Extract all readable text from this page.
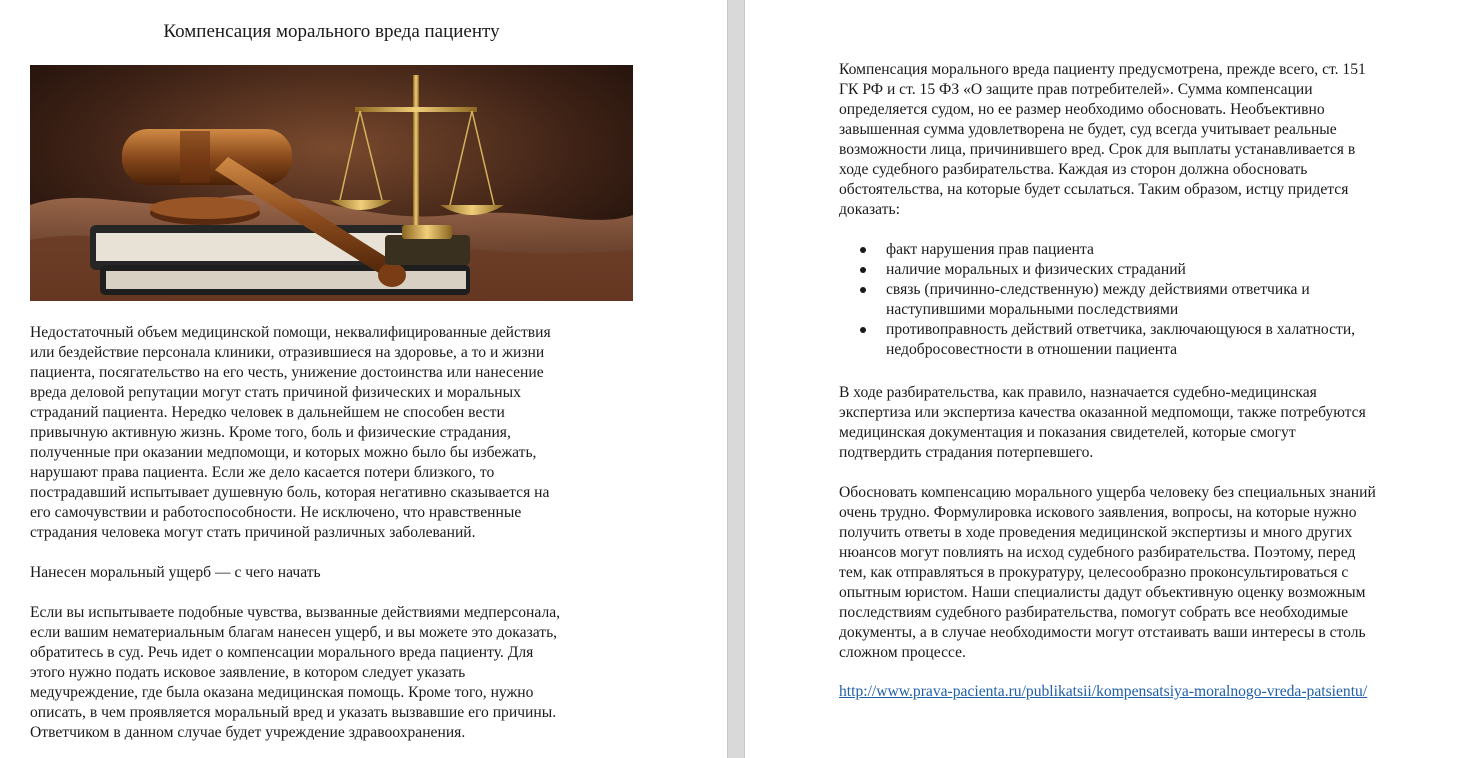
Компенсация морального вреда пациенту
Недостаточный объем медицинской помощи, неквалифицированные действия
или бездействие персонала клиники, отразившиеся на здоровье, а то и жизни
пациента, посягательство на его честь, унижение достоинства или нанесение
вреда деловой репутации могут стать причиной физических и моральных
страданий пациента. Нередко человек в дальнейшем не способен вести
привычную активную жизнь. Кроме того, боль и физические страдания,
полученные при оказании медпомощи, и которых можно было бы избежать,
нарушают права пациента. Если же дело касается потери близкого, то
пострадавший испытывает душевную боль, которая негативно сказывается на
его самочувствии и работоспособности. Не исключено, что нравственные
страдания человека могут стать причиной различных заболеваний.
Нанесен моральный ущерб — с чего начать
Если вы испытываете подобные чувства, вызванные действиями медперсонала,
если вашим нематериальным благам нанесен ущерб, и вы можете это доказать,
обратитесь в суд. Речь идет о компенсации морального вреда пациенту. Для
этого нужно подать исковое заявление, в котором следует указать
медучреждение, где была оказана медицинская помощь. Кроме того, нужно
описать, в чем проявляется моральный вред и указать вызвавшие его причины.
Ответчиком в данном случае будет учреждение здравоохранения.
Компенсация морального вреда пациенту предусмотрена, прежде всего, ст. 151
ГК РФ и ст. 15 ФЗ «О защите прав потребителей». Сумма компенсации
определяется судом, но ее размер необходимо обосновать. Необъективно
завышенная сумма удовлетворена не будет, суд всегда учитывает реальные
возможности лица, причинившего вред. Срок для выплаты устанавливается в
ходе судебного разбирательства. Каждая из сторон должна обосновать
обстоятельства, на которые будет ссылаться. Таким образом, истцу придется
доказать:
факт нарушения прав пациента
наличие моральных и физических страданий
связь (причинно-следственную) между действиями ответчика и
наступившими моральными последствиями
противоправность действий ответчика, заключающуюся в халатности,
недобросовестности в отношении пациента
В ходе разбирательства, как правило, назначается судебно-медицинская
экспертиза или экспертиза качества оказанной медпомощи, также потребуются
медицинская документация и показания свидетелей, которые смогут
подтвердить страдания потерпевшего.
Обосновать компенсацию морального ущерба человеку без специальных знаний
очень трудно. Формулировка искового заявления, вопросы, на которые нужно
получить ответы в ходе проведения медицинской экспертизы и много других
нюансов могут повлиять на исход судебного разбирательства. Поэтому, перед
тем, как отправляться в прокуратуру, целесообразно проконсультироваться с
опытным юристом. Наши специалисты дадут объективную оценку возможным
последствиям судебного разбирательства, помогут собрать все необходимые
документы, а в случае необходимости могут отстаивать ваши интересы в столь
сложном процессе.
http://www.prava-pacienta.ru/publikatsii/kompensatsiya-moralnogo-vreda-patsientu/
